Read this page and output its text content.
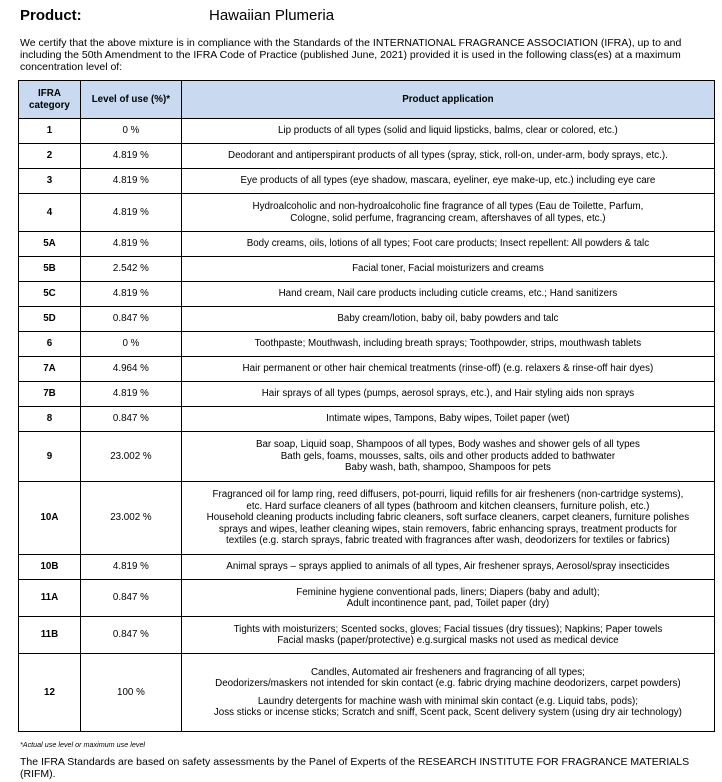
Product:	Hawaiian Plumeria
We certify that the above mixture is in compliance with the Standards of the INTERNATIONAL FRAGRANCE ASSOCIATION (IFRA), up to and including the 50th Amendment to the IFRA Code of Practice (published June, 2021) provided it is used in the following class(es) at a maximum concentration level of:
IFRA category	Level of use (%)*	Product application
1	0 %	Lip products of all types (solid and liquid lipsticks, balms, clear or colored, etc.)

2	4.819 %	Deodorant and antiperspirant products of all types (spray, stick, roll-on, under-arm, body sprays, etc.).

3	4.819 %	Eye products of all types (eye shadow, mascara, eyeliner, eye make-up, etc.) including eye care

4	4.819 %	Hydroalcoholic and non-hydroalcoholic fine fragrance of all types (Eau de Toilette, Parfum,
Cologne, solid perfume, fragrancing cream, aftershaves of all types, etc.)

5A	4.819 %	Body creams, oils, lotions of all types; Foot care products; Insect repellent: All powders & talc

5B	2.542 %	Facial toner, Facial moisturizers and creams

5C	4.819 %	Hand cream, Nail care products including cuticle creams, etc.; Hand sanitizers

5D	0.847 %	Baby cream/lotion, baby oil, baby powders and talc

6	0 %	Toothpaste; Mouthwash, including breath sprays; Toothpowder, strips, mouthwash tablets

7A	4.964 %	Hair permanent or other hair chemical treatments (rinse-off) (e.g. relaxers & rinse-off hair dyes)

7B	4.819 %	Hair sprays of all types (pumps, aerosol sprays, etc.), and Hair styling aids non sprays

8	0.847 %	Intimate wipes, Tampons, Baby wipes, Toilet paper (wet)

9	23.002 %	Bar soap, Liquid soap, Shampoos of all types, Body washes and shower gels of all types
Bath gels, foams, mousses, salts, oils and other products added to bathwater
Baby wash, bath, shampoo, Shampoos for pets

10A	23.002 %	Fragranced oil for lamp ring, reed diffusers, pot-pourri, liquid refills for air fresheners (non-cartridge systems),
etc. Hard surface cleaners of all types (bathroom and kitchen cleansers, furniture polish, etc.)
Household cleaning products including fabric cleaners, soft surface cleaners, carpet cleaners, furniture polishes
sprays and wipes, leather cleaning wipes, stain removers, fabric enhancing sprays, treatment products for
textiles (e.g. starch sprays, fabric treated with fragrances after wash, deodorizers for textiles or fabrics)

10B	4.819 %	Animal sprays – sprays applied to animals of all types, Air freshener sprays, Aerosol/spray insecticides

11A	0.847 %	Feminine hygiene conventional pads, liners; Diapers (baby and adult);
Adult incontinence pant, pad, Toilet paper (dry)

11B	0.847 %	Tights with moisturizers; Scented socks, gloves; Facial tissues (dry tissues); Napkins; Paper towels
Facial masks (paper/protective) e.g.surgical masks not used as medical device

12	100 %	Candles, Automated air fresheners and fragrancing of all types;
Deodorizers/maskers not intended for skin contact (e.g. fabric drying machine deodorizers, carpet powders)
Laundry detergents for machine wash with minimal skin contact (e.g. Liquid tabs, pods);
Joss sticks or incense sticks; Scratch and sniff, Scent pack, Scent delivery system (using dry air technology)
*Actual use level or maximum use level
The IFRA Standards are based on safety assessments by the Panel of Experts of the RESEARCH INSTITUTE FOR FRAGRANCE MATERIALS (RIFM).
